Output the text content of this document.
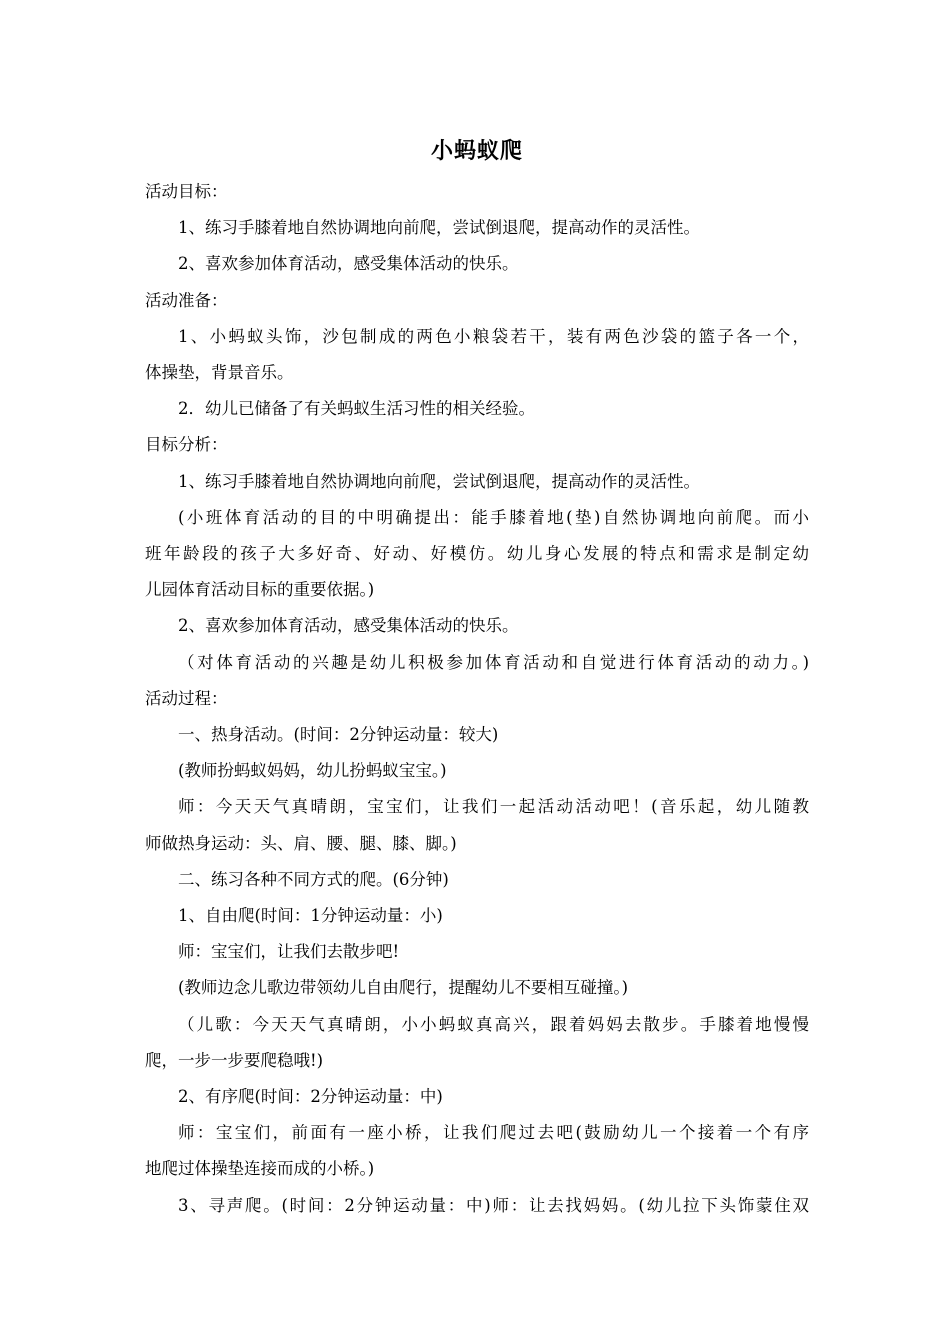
小蚂蚁爬
活动目标：
1、练习手膝着地自然协调地向前爬，尝试倒退爬，提高动作的灵活性。
2、喜欢参加体育活动，感受集体活动的快乐。
活动准备：
1、小蚂蚁头饰，沙包制成的两色小粮袋若干，装有两色沙袋的篮子各一个，
体操垫，背景音乐。
2．幼儿已储备了有关蚂蚁生活习性的相关经验。
目标分析：
1、练习手膝着地自然协调地向前爬，尝试倒退爬，提高动作的灵活性。
(小班体育活动的目的中明确提出：能手膝着地(垫)自然协调地向前爬。而小
班年龄段的孩子大多好奇、好动、好模仿。幼儿身心发展的特点和需求是制定幼
儿园体育活动目标的重要依据。)
2、喜欢参加体育活动，感受集体活动的快乐。
（对体育活动的兴趣是幼儿积极参加体育活动和自觉进行体育活动的动力。)
活动过程：
一、热身活动。(时间：2分钟运动量：较大)
(教师扮蚂蚁妈妈，幼儿扮蚂蚁宝宝。)
师：今天天气真晴朗，宝宝们，让我们一起活动活动吧！(音乐起，幼儿随教
师做热身运动：头、肩、腰、腿、膝、脚。)
二、练习各种不同方式的爬。(6分钟)
1、自由爬(时间：1分钟运动量：小)
师：宝宝们，让我们去散步吧!
(教师边念儿歌边带领幼儿自由爬行，提醒幼儿不要相互碰撞。)
（儿歌：今天天气真晴朗，小小蚂蚁真高兴，跟着妈妈去散步。手膝着地慢慢
爬，一步一步要爬稳哦!)
2、有序爬(时间：2分钟运动量：中)
师：宝宝们，前面有一座小桥，让我们爬过去吧(鼓励幼儿一个接着一个有序
地爬过体操垫连接而成的小桥。)
3、寻声爬。(时间：2分钟运动量：中)师：让去找妈妈。(幼儿拉下头饰蒙住双
